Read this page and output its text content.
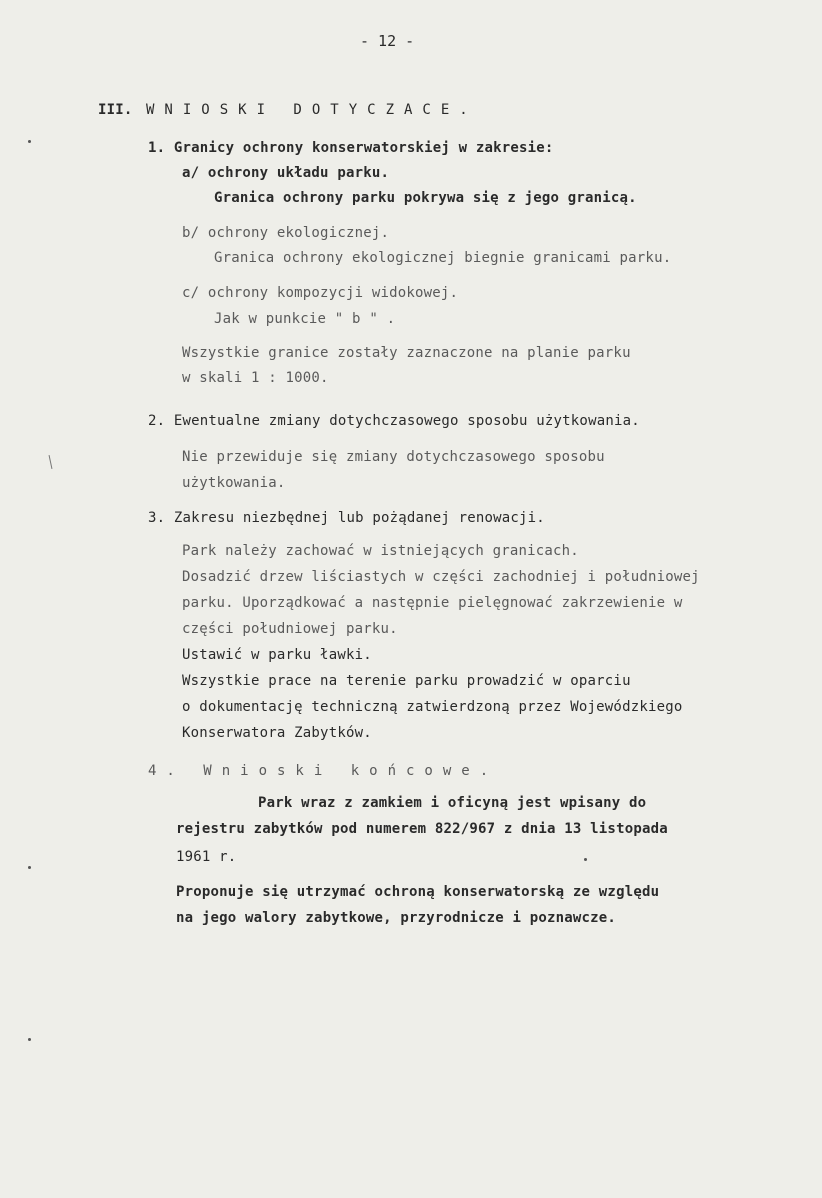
- 12 -
III. WNIOSKI DOTYCZACE.
1. Granicy ochrony konserwatorskiej w zakresie:
a/ ochrony układu parku.
Granica ochrony parku pokrywa się z jego granicą.
b/ ochrony ekologicznej.
Granica ochrony ekologicznej biegnie granicami parku.
c/ ochrony kompozycji widokowej.
Jak w punkcie " b " .
Wszystkie granice zostały zaznaczone na planie parku
w skali 1 : 1000.
2. Ewentualne zmiany dotychczasowego sposobu użytkowania.
Nie przewiduje się zmiany dotychczasowego sposobu
użytkowania.
3. Zakresu niezbędnej lub pożądanej renowacji.
Park należy zachować w istniejących granicach.
Dosadzić drzew liściastych w części zachodniej i południowej
parku. Uporządkować a następnie pielęgnować zakrzewienie w
części południowej parku.
Ustawić w parku ławki.
Wszystkie prace na terenie parku prowadzić w oparciu
o dokumentację techniczną zatwierdzoną przez Wojewódzkiego
Konserwatora Zabytków.
4. Wnioski końcowe.
Park wraz z zamkiem i oficyną jest wpisany do
rejestru zabytków pod numerem 822/967 z dnia 13 listopada
1961 r.
Proponuje się utrzymać ochroną konserwatorską ze względu
na jego walory zabytkowe, przyrodnicze i poznawcze.
